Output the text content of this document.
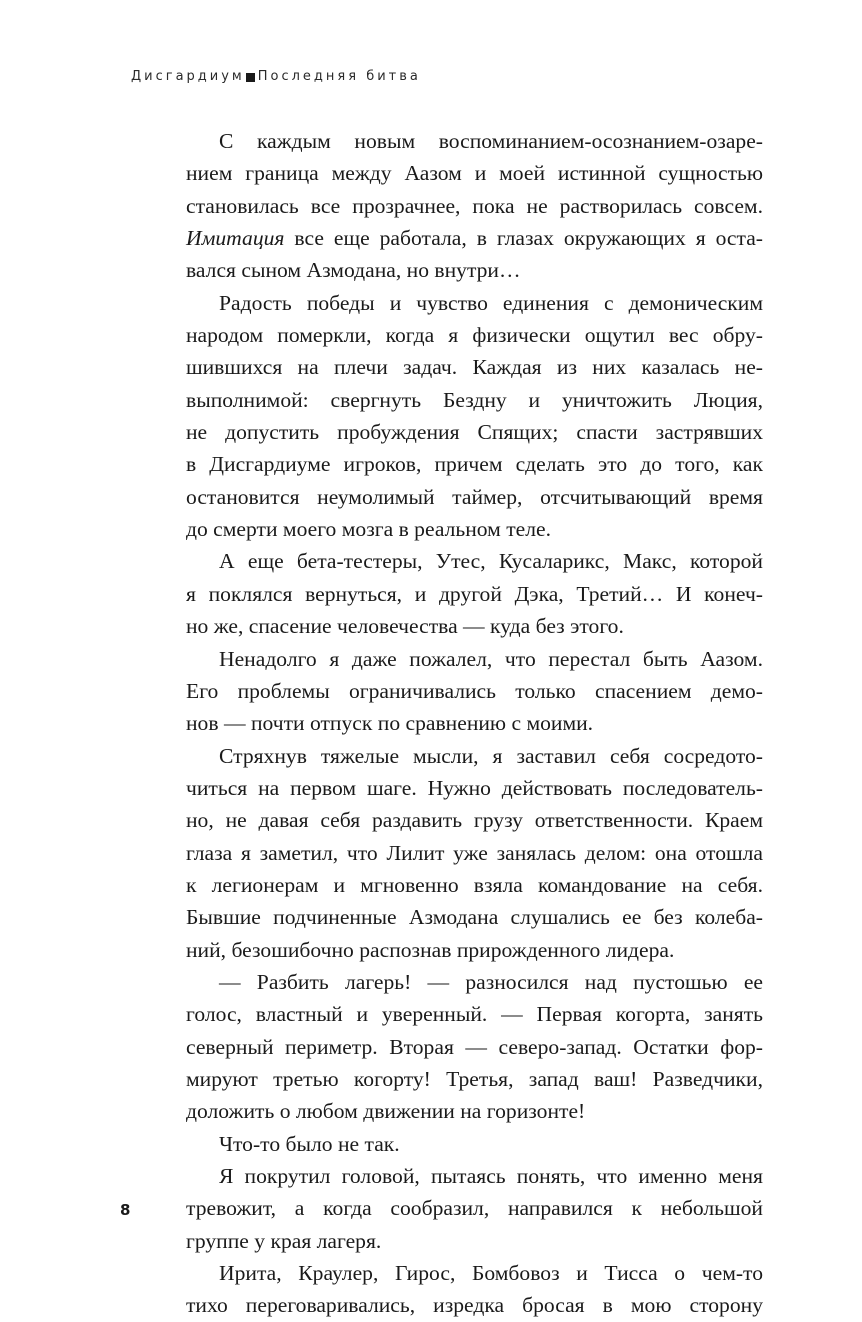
Дисгардиум Последняя битва
С каждым новым воспоминанием-осознанием-озаре-
нием граница между Аазом и моей истинной сущностью
становилась все прозрачнее, пока не растворилась совсем.
Имитация все еще работала, в глазах окружающих я оста-
вался сыном Азмодана, но внутри…
Радость победы и чувство единения с демоническим
народом померкли, когда я физически ощутил вес обру-
шившихся на плечи задач. Каждая из них казалась не-
выполнимой: свергнуть Бездну и уничтожить Люция,
не допустить пробуждения Спящих; спасти застрявших
в Дисгардиуме игроков, причем сделать это до того, как
остановится неумолимый таймер, отсчитывающий время
до смерти моего мозга в реальном теле.
А еще бета-тестеры, Утес, Кусаларикс, Макс, которой
я поклялся вернуться, и другой Дэка, Третий… И конеч-
но же, спасение человечества — куда без этого.
Ненадолго я даже пожалел, что перестал быть Аазом.
Его проблемы ограничивались только спасением демо-
нов — почти отпуск по сравнению с моими.
Стряхнув тяжелые мысли, я заставил себя сосредото-
читься на первом шаге. Нужно действовать последователь-
но, не давая себя раздавить грузу ответственности. Краем
глаза я заметил, что Лилит уже занялась делом: она отошла
к легионерам и мгновенно взяла командование на себя.
Бывшие подчиненные Азмодана слушались ее без колеба-
ний, безошибочно распознав прирожденного лидера.
— Разбить лагерь! — разносился над пустошью ее
голос, властный и уверенный. — Первая когорта, занять
северный периметр. Вторая — северо-запад. Остатки фор-
мируют третью когорту! Третья, запад ваш! Разведчики,
доложить о любом движении на горизонте!
Что-то было не так.
Я покрутил головой, пытаясь понять, что именно меня
тревожит, а когда сообразил, направился к небольшой
группе у края лагеря.
Ирита, Краулер, Гирос, Бомбовоз и Тисса о чем-то
тихо переговаривались, изредка бросая в мою сторону
8
